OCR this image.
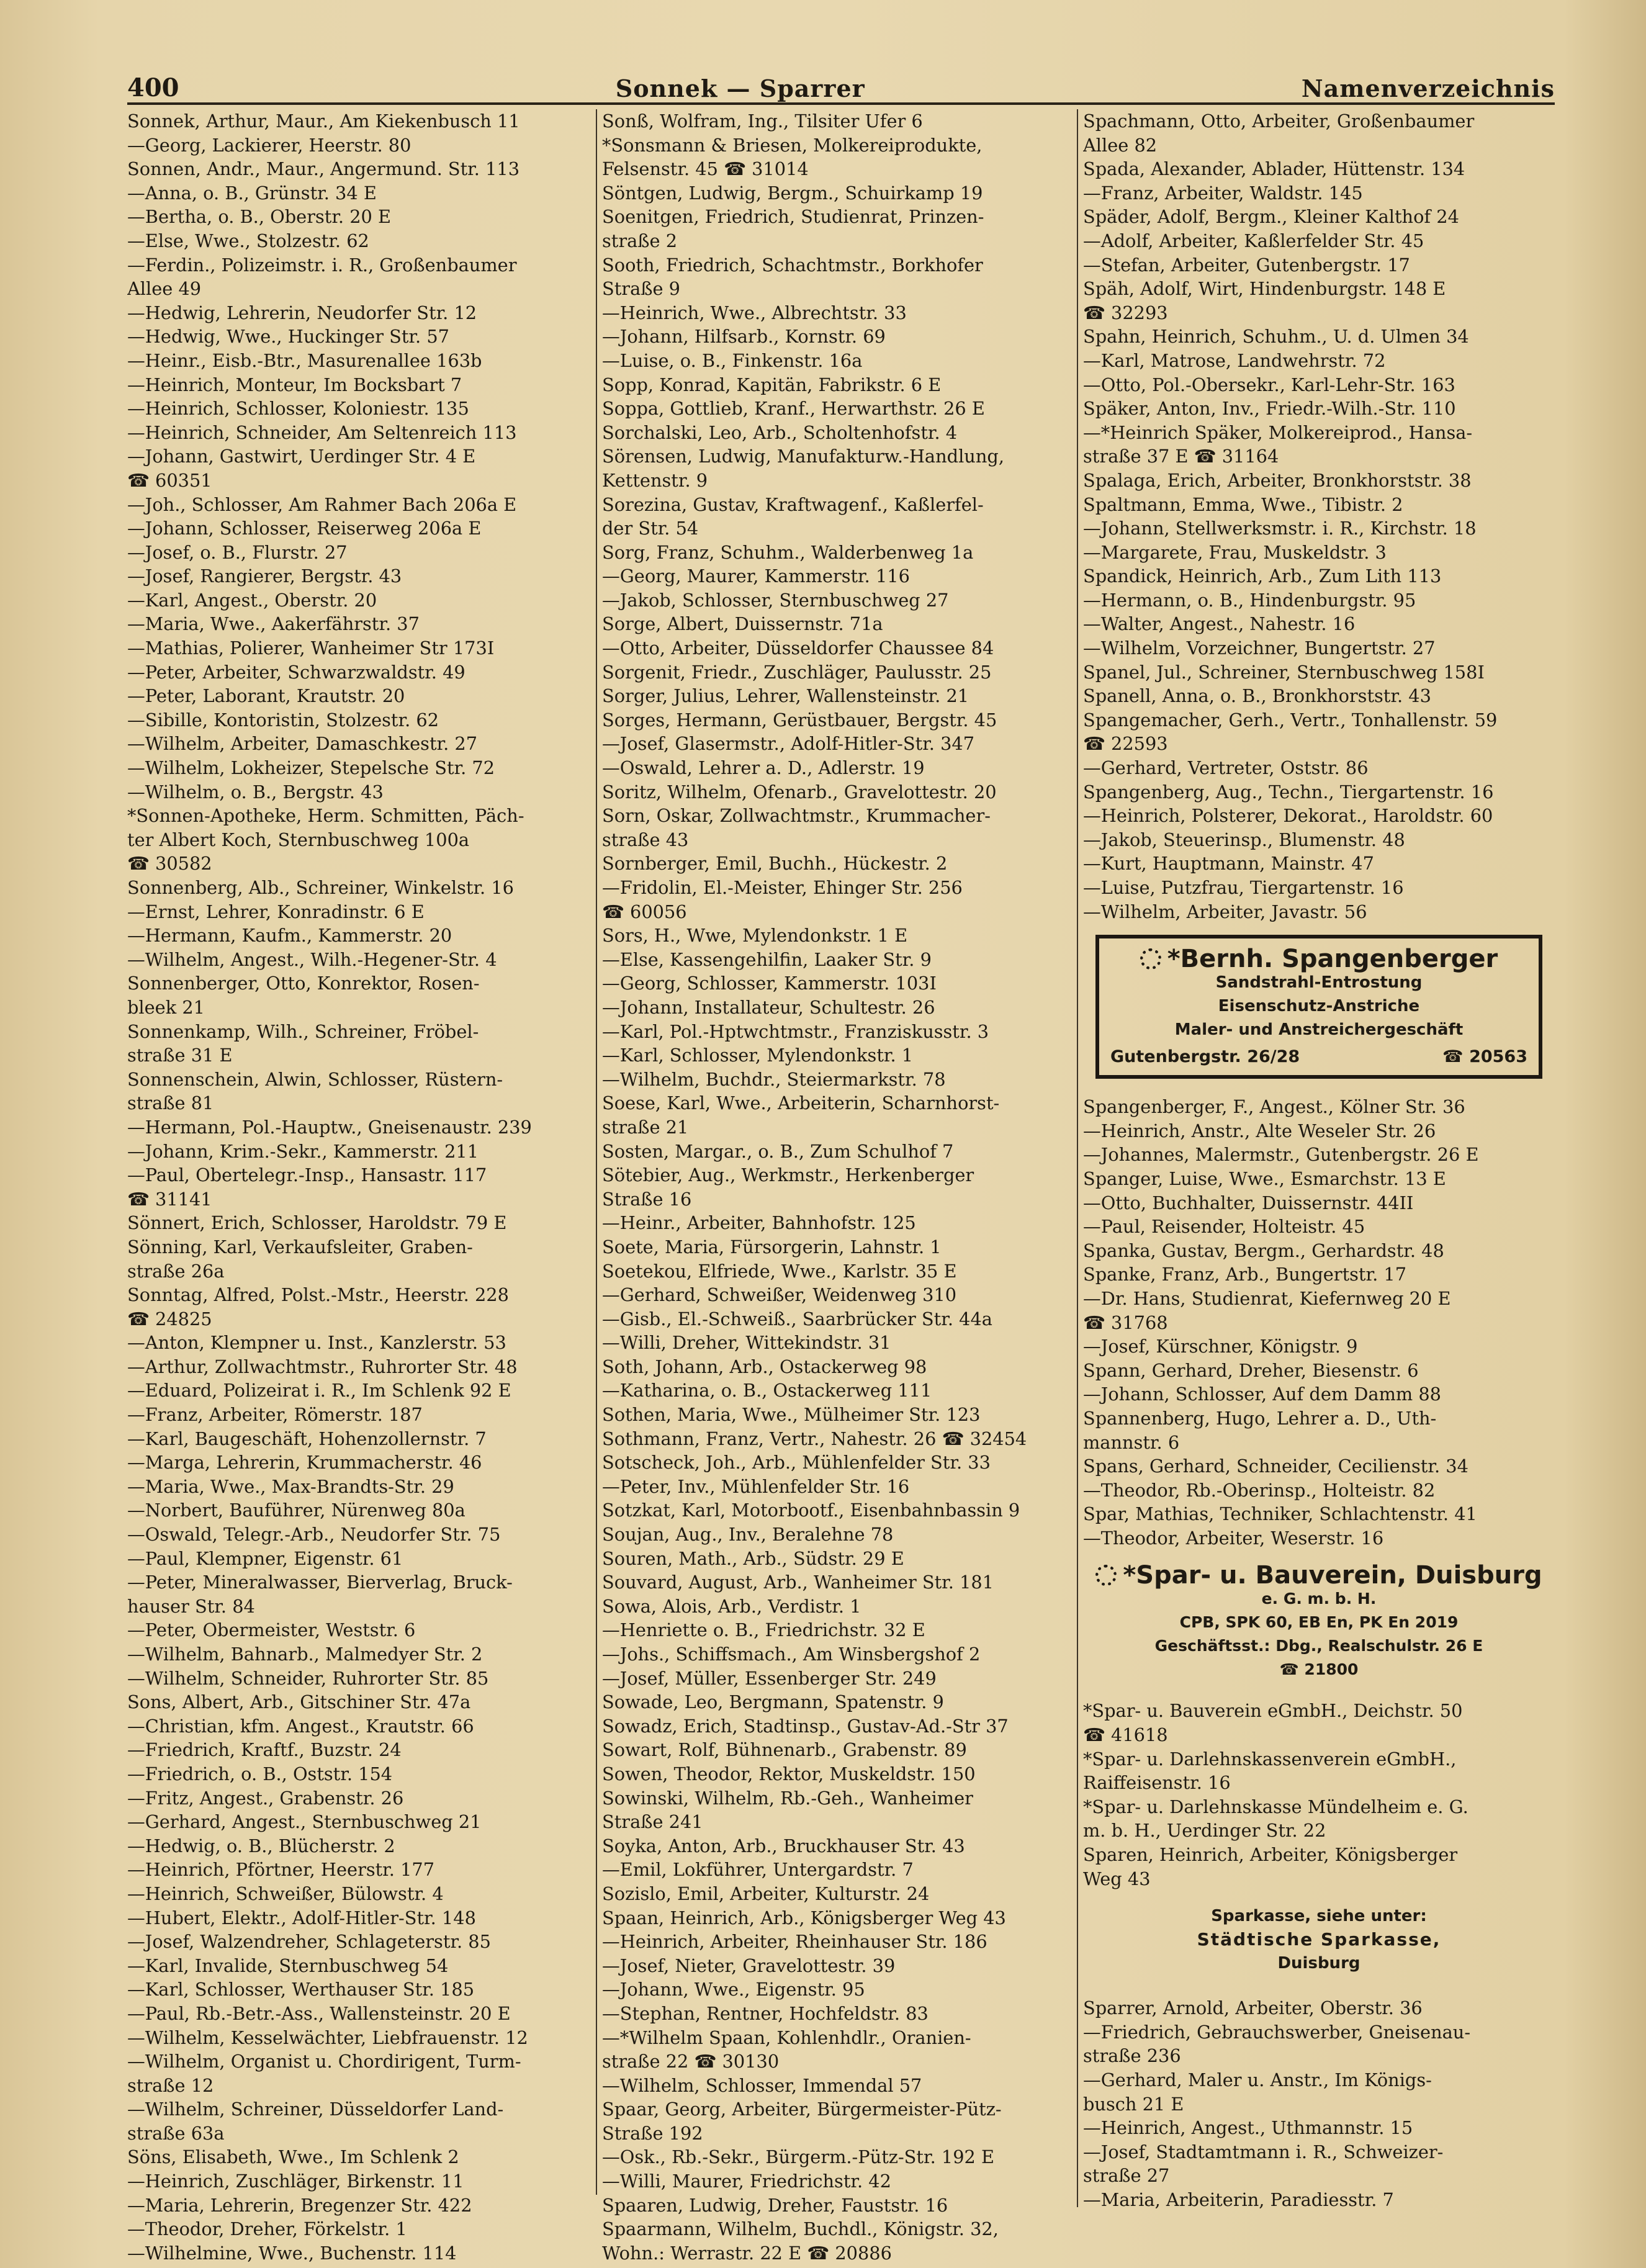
400	Sonnek — Sparrer	Namenverzeichnis
Sonnek, Arthur, Maur., Am Kiekenbusch 11
—Georg, Lackierer, Heerstr. 80
Sonnen, Andr., Maur., Angermund. Str. 113
—Anna, o. B., Grünstr. 34 E
—Bertha, o. B., Oberstr. 20 E
—Else, Wwe., Stolzestr. 62
—Ferdin., Polizeimstr. i. R., Großenbaumer
Allee 49
—Hedwig, Lehrerin, Neudorfer Str. 12
—Hedwig, Wwe., Huckinger Str. 57
—Heinr., Eisb.-Btr., Masurenallee 163b
—Heinrich, Monteur, Im Bocksbart 7
—Heinrich, Schlosser, Koloniestr. 135
—Heinrich, Schneider, Am Seltenreich 113
—Johann, Gastwirt, Uerdinger Str. 4 E
☎ 60351
—Joh., Schlosser, Am Rahmer Bach 206a E
—Johann, Schlosser, Reiserweg 206a E
—Josef, o. B., Flurstr. 27
—Josef, Rangierer, Bergstr. 43
—Karl, Angest., Oberstr. 20
—Maria, Wwe., Aakerfährstr. 37
—Mathias, Polierer, Wanheimer Str 173I
—Peter, Arbeiter, Schwarzwaldstr. 49
—Peter, Laborant, Krautstr. 20
—Sibille, Kontoristin, Stolzestr. 62
—Wilhelm, Arbeiter, Damaschkestr. 27
—Wilhelm, Lokheizer, Stepelsche Str. 72
—Wilhelm, o. B., Bergstr. 43
*Sonnen-Apotheke, Herm. Schmitten, Päch-
ter Albert Koch, Sternbuschweg 100a
☎ 30582
Sonnenberg, Alb., Schreiner, Winkelstr. 16
—Ernst, Lehrer, Konradinstr. 6 E
—Hermann, Kaufm., Kammerstr. 20
—Wilhelm, Angest., Wilh.-Hegener-Str. 4
Sonnenberger, Otto, Konrektor, Rosen-
bleek 21
Sonnenkamp, Wilh., Schreiner, Fröbel-
straße 31 E
Sonnenschein, Alwin, Schlosser, Rüstern-
straße 81
—Hermann, Pol.-Hauptw., Gneisenaustr. 239
—Johann, Krim.-Sekr., Kammerstr. 211
—Paul, Obertelegr.-Insp., Hansastr. 117
☎ 31141
Sönnert, Erich, Schlosser, Haroldstr. 79 E
Sönning, Karl, Verkaufsleiter, Graben-
straße 26a
Sonntag, Alfred, Polst.-Mstr., Heerstr. 228
☎ 24825
—Anton, Klempner u. Inst., Kanzlerstr. 53
—Arthur, Zollwachtmstr., Ruhrorter Str. 48
—Eduard, Polizeirat i. R., Im Schlenk 92 E
—Franz, Arbeiter, Römerstr. 187
—Karl, Baugeschäft, Hohenzollernstr. 7
—Marga, Lehrerin, Krummacherstr. 46
—Maria, Wwe., Max-Brandts-Str. 29
—Norbert, Bauführer, Nürenweg 80a
—Oswald, Telegr.-Arb., Neudorfer Str. 75
—Paul, Klempner, Eigenstr. 61
—Peter, Mineralwasser, Bierverlag, Bruck-
hauser Str. 84
—Peter, Obermeister, Weststr. 6
—Wilhelm, Bahnarb., Malmedyer Str. 2
—Wilhelm, Schneider, Ruhrorter Str. 85
Sons, Albert, Arb., Gitschiner Str. 47a
—Christian, kfm. Angest., Krautstr. 66
—Friedrich, Kraftf., Buzstr. 24
—Friedrich, o. B., Oststr. 154
—Fritz, Angest., Grabenstr. 26
—Gerhard, Angest., Sternbuschweg 21
—Hedwig, o. B., Blücherstr. 2
—Heinrich, Pförtner, Heerstr. 177
—Heinrich, Schweißer, Bülowstr. 4
—Hubert, Elektr., Adolf-Hitler-Str. 148
—Josef, Walzendreher, Schlageterstr. 85
—Karl, Invalide, Sternbuschweg 54
—Karl, Schlosser, Werthauser Str. 185
—Paul, Rb.-Betr.-Ass., Wallensteinstr. 20 E
—Wilhelm, Kesselwächter, Liebfrauenstr. 12
—Wilhelm, Organist u. Chordirigent, Turm-
straße 12
—Wilhelm, Schreiner, Düsseldorfer Land-
straße 63a
Söns, Elisabeth, Wwe., Im Schlenk 2
—Heinrich, Zuschläger, Birkenstr. 11
—Maria, Lehrerin, Bregenzer Str. 422
—Theodor, Dreher, Förkelstr. 1
—Wilhelmine, Wwe., Buchenstr. 114
Sonß, Wolfram, Ing., Tilsiter Ufer 6
*Sonsmann & Briesen, Molkereiprodukte,
Felsenstr. 45 ☎ 31014
Söntgen, Ludwig, Bergm., Schuirkamp 19
Soenitgen, Friedrich, Studienrat, Prinzen-
straße 2
Sooth, Friedrich, Schachtmstr., Borkhofer
Straße 9
—Heinrich, Wwe., Albrechtstr. 33
—Johann, Hilfsarb., Kornstr. 69
—Luise, o. B., Finkenstr. 16a
Sopp, Konrad, Kapitän, Fabrikstr. 6 E
Soppa, Gottlieb, Kranf., Herwarthstr. 26 E
Sorchalski, Leo, Arb., Scholtenhofstr. 4
Sörensen, Ludwig, Manufakturw.-Handlung,
Kettenstr. 9
Sorezina, Gustav, Kraftwagenf., Kaßlerfel-
der Str. 54
Sorg, Franz, Schuhm., Walderbenweg 1a
—Georg, Maurer, Kammerstr. 116
—Jakob, Schlosser, Sternbuschweg 27
Sorge, Albert, Duissernstr. 71a
—Otto, Arbeiter, Düsseldorfer Chaussee 84
Sorgenit, Friedr., Zuschläger, Paulusstr. 25
Sorger, Julius, Lehrer, Wallensteinstr. 21
Sorges, Hermann, Gerüstbauer, Bergstr. 45
—Josef, Glasermstr., Adolf-Hitler-Str. 347
—Oswald, Lehrer a. D., Adlerstr. 19
Soritz, Wilhelm, Ofenarb., Gravelottestr. 20
Sorn, Oskar, Zollwachtmstr., Krummacher-
straße 43
Sornberger, Emil, Buchh., Hückestr. 2
—Fridolin, El.-Meister, Ehinger Str. 256
☎ 60056
Sors, H., Wwe, Mylendonkstr. 1 E
—Else, Kassengehilfin, Laaker Str. 9
—Georg, Schlosser, Kammerstr. 103I
—Johann, Installateur, Schultestr. 26
—Karl, Pol.-Hptwchtmstr., Franziskusstr. 3
—Karl, Schlosser, Mylendonkstr. 1
—Wilhelm, Buchdr., Steiermarkstr. 78
Soese, Karl, Wwe., Arbeiterin, Scharnhorst-
straße 21
Sosten, Margar., o. B., Zum Schulhof 7
Sötebier, Aug., Werkmstr., Herkenberger
Straße 16
—Heinr., Arbeiter, Bahnhofstr. 125
Soete, Maria, Fürsorgerin, Lahnstr. 1
Soetekou, Elfriede, Wwe., Karlstr. 35 E
—Gerhard, Schweißer, Weidenweg 310
—Gisb., El.-Schweiß., Saarbrücker Str. 44a
—Willi, Dreher, Wittekindstr. 31
Soth, Johann, Arb., Ostackerweg 98
—Katharina, o. B., Ostackerweg 111
Sothen, Maria, Wwe., Mülheimer Str. 123
Sothmann, Franz, Vertr., Nahestr. 26 ☎ 32454
Sotscheck, Joh., Arb., Mühlenfelder Str. 33
—Peter, Inv., Mühlenfelder Str. 16
Sotzkat, Karl, Motorbootf., Eisenbahnbassin 9
Soujan, Aug., Inv., Beralehne 78
Souren, Math., Arb., Südstr. 29 E
Souvard, August, Arb., Wanheimer Str. 181
Sowa, Alois, Arb., Verdistr. 1
—Henriette o. B., Friedrichstr. 32 E
—Johs., Schiffsmach., Am Winsbergshof 2
—Josef, Müller, Essenberger Str. 249
Sowade, Leo, Bergmann, Spatenstr. 9
Sowadz, Erich, Stadtinsp., Gustav-Ad.-Str 37
Sowart, Rolf, Bühnenarb., Grabenstr. 89
Sowen, Theodor, Rektor, Muskeldstr. 150
Sowinski, Wilhelm, Rb.-Geh., Wanheimer
Straße 241
Soyka, Anton, Arb., Bruckhauser Str. 43
—Emil, Lokführer, Untergardstr. 7
Sozislo, Emil, Arbeiter, Kulturstr. 24
Spaan, Heinrich, Arb., Königsberger Weg 43
—Heinrich, Arbeiter, Rheinhauser Str. 186
—Josef, Nieter, Gravelottestr. 39
—Johann, Wwe., Eigenstr. 95
—Stephan, Rentner, Hochfeldstr. 83
—*Wilhelm Spaan, Kohlenhdlr., Oranien-
straße 22 ☎ 30130
—Wilhelm, Schlosser, Immendal 57
Spaar, Georg, Arbeiter, Bürgermeister-Pütz-
Straße 192
—Osk., Rb.-Sekr., Bürgerm.-Pütz-Str. 192 E
—Willi, Maurer, Friedrichstr. 42
Spaaren, Ludwig, Dreher, Fauststr. 16
Spaarmann, Wilhelm, Buchdl., Königstr. 32,
Wohn.: Werrastr. 22 E ☎ 20886
Spachmann, Otto, Arbeiter, Großenbaumer
Allee 82
Spada, Alexander, Ablader, Hüttenstr. 134
—Franz, Arbeiter, Waldstr. 145
Späder, Adolf, Bergm., Kleiner Kalthof 24
—Adolf, Arbeiter, Kaßlerfelder Str. 45
—Stefan, Arbeiter, Gutenbergstr. 17
Späh, Adolf, Wirt, Hindenburgstr. 148 E
☎ 32293
Spahn, Heinrich, Schuhm., U. d. Ulmen 34
—Karl, Matrose, Landwehrstr. 72
—Otto, Pol.-Obersekr., Karl-Lehr-Str. 163
Späker, Anton, Inv., Friedr.-Wilh.-Str. 110
—*Heinrich Späker, Molkereiprod., Hansa-
straße 37 E ☎ 31164
Spalaga, Erich, Arbeiter, Bronkhorststr. 38
Spaltmann, Emma, Wwe., Tibistr. 2
—Johann, Stellwerksmstr. i. R., Kirchstr. 18
—Margarete, Frau, Muskeldstr. 3
Spandick, Heinrich, Arb., Zum Lith 113
—Hermann, o. B., Hindenburgstr. 95
—Walter, Angest., Nahestr. 16
—Wilhelm, Vorzeichner, Bungertstr. 27
Spanel, Jul., Schreiner, Sternbuschweg 158I
Spanell, Anna, o. B., Bronkhorststr. 43
Spangemacher, Gerh., Vertr., Tonhallenstr. 59
☎ 22593
—Gerhard, Vertreter, Oststr. 86
Spangenberg, Aug., Techn., Tiergartenstr. 16
—Heinrich, Polsterer, Dekorat., Haroldstr. 60
—Jakob, Steuerinsp., Blumenstr. 48
—Kurt, Hauptmann, Mainstr. 47
—Luise, Putzfrau, Tiergartenstr. 16
—Wilhelm, Arbeiter, Javastr. 56
*Bernh. Spangenberger
Sandstrahl-Entrostung
Eisenschutz-Anstriche
Maler- und Anstreichergeschäft
Gutenbergstr. 26/28	☎ 20563
Spangenberger, F., Angest., Kölner Str. 36
—Heinrich, Anstr., Alte Weseler Str. 26
—Johannes, Malermstr., Gutenbergstr. 26 E
Spanger, Luise, Wwe., Esmarchstr. 13 E
—Otto, Buchhalter, Duissernstr. 44II
—Paul, Reisender, Holteistr. 45
Spanka, Gustav, Bergm., Gerhardstr. 48
Spanke, Franz, Arb., Bungertstr. 17
—Dr. Hans, Studienrat, Kiefernweg 20 E
☎ 31768
—Josef, Kürschner, Königstr. 9
Spann, Gerhard, Dreher, Biesenstr. 6
—Johann, Schlosser, Auf dem Damm 88
Spannenberg, Hugo, Lehrer a. D., Uth-
mannstr. 6
Spans, Gerhard, Schneider, Cecilienstr. 34
—Theodor, Rb.-Oberinsp., Holteistr. 82
Spar, Mathias, Techniker, Schlachtenstr. 41
—Theodor, Arbeiter, Weserstr. 16
*Spar- u. Bauverein, Duisburg
e. G. m. b. H.
CPB, SPK 60, EB En, PK En 2019
Geschäftsst.: Dbg., Realschulstr. 26 E
☎ 21800
*Spar- u. Bauverein eGmbH., Deichstr. 50
☎ 41618
*Spar- u. Darlehnskassenverein eGmbH.,
Raiffeisenstr. 16
*Spar- u. Darlehnskasse Mündelheim e. G.
m. b. H., Uerdinger Str. 22
Sparen, Heinrich, Arbeiter, Königsberger
Weg 43
Sparkasse, siehe unter:
Städtische Sparkasse,
Duisburg
Sparrer, Arnold, Arbeiter, Oberstr. 36
—Friedrich, Gebrauchswerber, Gneisenau-
straße 236
—Gerhard, Maler u. Anstr., Im Königs-
busch 21 E
—Heinrich, Angest., Uthmannstr. 15
—Josef, Stadtamtmann i. R., Schweizer-
straße 27
—Maria, Arbeiterin, Paradiesstr. 7
